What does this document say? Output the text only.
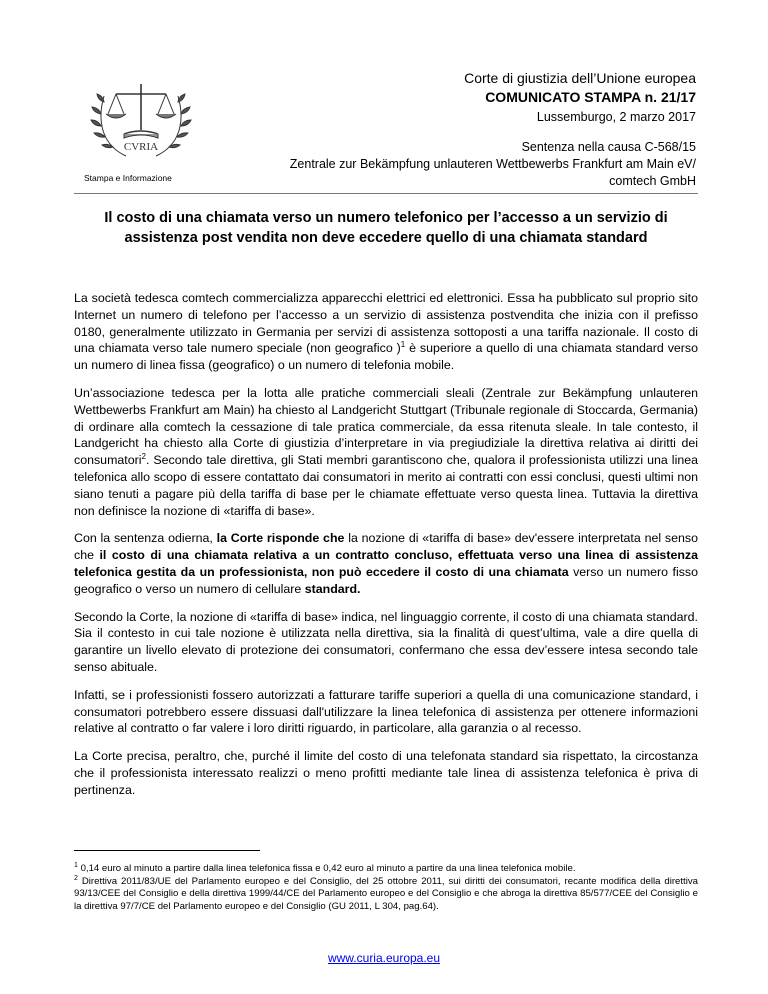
CVRIA
Stampa e Informazione
Corte di giustizia dell’Unione europea
COMUNICATO STAMPA n. 21/17
Lussemburgo, 2 marzo 2017
Sentenza nella causa C-568/15
Zentrale zur Bekämpfung unlauteren Wettbewerbs Frankfurt am Main eV/
comtech GmbH
Il costo di una chiamata verso un numero telefonico per l’accesso a un servizio di assistenza post vendita non deve eccedere quello di una chiamata standard

La società tedesca comtech commercializza apparecchi elettrici ed elettronici. Essa ha pubblicato sul proprio sito Internet un numero di telefono per l’accesso a un servizio di assistenza postvendita che inizia con il prefisso 0180, generalmente utilizzato in Germania per servizi di assistenza sottoposti a una tariffa nazionale. Il costo di una chiamata verso tale numero speciale (non geografico )$^1$ è superiore a quello di una chiamata standard verso un numero di linea fissa (geografico) o un numero di telefonia mobile.

Un’associazione tedesca per la lotta alle pratiche commerciali sleali (Zentrale zur Bekämpfung unlauteren Wettbewerbs Frankfurt am Main) ha chiesto al Landgericht Stuttgart (Tribunale regionale di Stoccarda, Germania) di ordinare alla comtech la cessazione di tale pratica commerciale, da essa ritenuta sleale. In tale contesto, il Landgericht ha chiesto alla Corte di giustizia d’interpretare in via pregiudiziale la direttiva relativa ai diritti dei consumatori$^2$. Secondo tale direttiva, gli Stati membri garantiscono che, qualora il professionista utilizzi una linea telefonica allo scopo di essere contattato dai consumatori in merito ai contratti con essi conclusi, questi ultimi non siano tenuti a pagare più della tariffa di base per le chiamate effettuate verso questa linea. Tuttavia la direttiva non definisce la nozione di «tariffa di base».

Con la sentenza odierna, la Corte risponde che la nozione di «tariffa di base» dev'essere interpretata nel senso che il costo di una chiamata relativa a un contratto concluso, effettuata verso una linea di assistenza telefonica gestita da un professionista, non può eccedere il costo di una chiamata verso un numero fisso geografico o verso un numero di cellulare standard.

Secondo la Corte, la nozione di «tariffa di base» indica, nel linguaggio corrente, il costo di una chiamata standard. Sia il contesto in cui tale nozione è utilizzata nella direttiva, sia la finalità di quest’ultima, vale a dire quella di garantire un livello elevato di protezione dei consumatori, confermano che essa dev’essere intesa secondo tale senso abituale.

Infatti, se i professionisti fossero autorizzati a fatturare tariffe superiori a quella di una comunicazione standard, i consumatori potrebbero essere dissuasi dall'utilizzare la linea telefonica di assistenza per ottenere informazioni relative al contratto o far valere i loro diritti riguardo, in particolare, alla garanzia o al recesso.

La Corte precisa, peraltro, che, purché il limite del costo di una telefonata standard sia rispettato, la circostanza che il professionista interessato realizzi o meno profitti mediante tale linea di assistenza telefonica è priva di pertinenza.

$^1$ 0,14 euro al minuto a partire dalla linea telefonica fissa e 0,42 euro al minuto a partire da una linea telefonica mobile.

$^2$ Direttiva 2011/83/UE del Parlamento europeo e del Consiglio, del 25 ottobre 2011, sui diritti dei consumatori, recante modifica della direttiva 93/13/CEE del Consiglio e della direttiva 1999/44/CE del Parlamento europeo e del Consiglio e che abroga la direttiva 85/577/CEE del Consiglio e la direttiva 97/7/CE del Parlamento europeo e del Consiglio (GU 2011, L 304, pag.64).

www.curia.europa.eu
